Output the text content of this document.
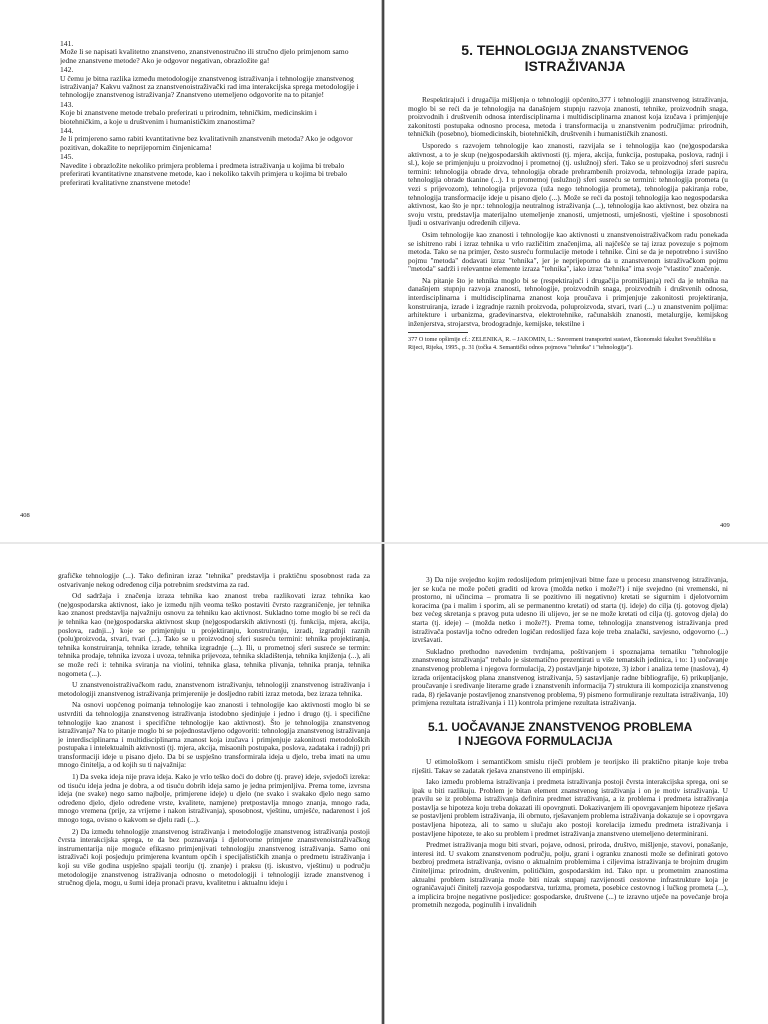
141.Može li se napisati kvalitetno znanstveno, znanstvenostručno ili stručno djelo primjenom samo jedne znanstvene metode? Ako je odgovor negativan, obrazložite ga!
142.U čemu je bitna razlika između metodologije znanstvenog istraživanja i tehnologije znanstvenog istraživanja? Kakvu važnost za znanstvenoistraživački rad ima interakcijska sprega metodologije i tehnologije znanstvenog istraživanja? Znanstveno utemeljeno odgovorite na to pitanje!
143.Koje bi znanstvene metode trebalo preferirati u prirodnim, tehničkim, medicinskim i biotehničkim, a koje u društvenim i humanističkim znanostima?
144.Je li primjereno samo rabiti kvantitativne bez kvalitativnih znanstvenih metoda? Ako je odgovor pozitivan, dokažite to neprijepornim činjenicama!
145.Navedite i obrazložite nekoliko primjera problema i predmeta istraživanja u kojima bi trebalo preferirati kvantitativne znanstvene metode, kao i nekoliko takvih primjera u kojima bi trebalo preferirati kvalitativne znanstvene metode!
408
5. TEHNOLOGIJA ZNANSTVENOG
ISTRAŽIVANJA

Respektirajući i drugačija mišljenja o tehnologiji općenito,377 i tehnologiji znanstvenog istraživanja, moglo bi se reći da je tehnologija na današnjem stupnju razvoja znanosti, tehnike, proizvodnih snaga, proizvodnih i društvenih odnosa interdisciplinarna i multidisciplinarna znanost koja izučava i primjenjuje zakonitosti postupaka odnosno procesa, metoda i transformacija u znanstvenim područjima: prirodnih, tehničkih (posebno), biomedicinskih, biotehničkih, društvenih i humanističkih znanosti.

Usporedo s razvojem tehnologije kao znanosti, razvijala se i tehnologija kao (ne)gospodarska aktivnost, a to je skup (ne)gospodarskih aktivnosti (tj. mjera, akcija, funkcija, postupaka, poslova, radnji i sl.), koje se primjenjuju u proizvodnoj i prometnoj (tj. uslužnoj) sferi. Tako se u proizvodnoj sferi susreću termini: tehnologija obrade drva, tehnologija obrade prehrambenih proizvoda, tehnologija izrade papira, tehnologija obrade tkanine (...). I u prometnoj (uslužnoj) sferi susreću se termini: tehnologija prometa (u vezi s prijevozom), tehnologija prijevoza (uža nego tehnologija prometa), tehnologija pakiranja robe, tehnologija transformacije ideje u pisano djelo (...). Može se reći da postoji tehnologija kao negospodarska aktivnost, kao što je npr.: tehnologija neutralnog istraživanja (...), tehnologija kao aktivnost, bez obzira na svoju vrstu, predstavlja materijalno utemeljenje znanosti, umjetnosti, umješnosti, vještine i sposobnosti ljudi u ostvarivanju određenih ciljeva.

Osim tehnologije kao znanosti i tehnologije kao aktivnosti u znanstvenoistraživačkom radu ponekada se ishitreno rabi i izraz tehnika u vrlo različitim značenjima, ali najčešće se taj izraz povezuje s pojmom metoda. Tako se na primjer, često susreću formulacije metode i tehnike. Čini se da je nepotrebno i suvišno pojmu "metoda" dodavati izraz "tehnika", jer je neprijeporno da u znanstvenom istraživačkom pojmu "metoda" sadrži i relevantne elemente izraza "tehnika", iako izraz "tehnika" ima svoje "vlastito" značenje.

Na pitanje što je tehnika moglo bi se (respektirajući i drugačija promišljanja) reći da je tehnika na današnjem stupnju razvoja znanosti, tehnologije, proizvodnih snaga, proizvodnih i društvenih odnosa, interdisciplinarna i multidisciplinarna znanost koja proučava i primjenjuje zakonitosti projektiranja, konstruiranja, izrade i izgradnje raznih proizvoda, poluproizvoda, stvari, tvari (...) u znanstvenim poljima: arhitekture i urbanizma, građevinarstva, elektrotehnike, računalskih znanosti, metalurgije, kemijskog inženjerstva, strojarstva, brodogradnje, kemijske, tekstilne i

377 O tome opširnije cf.: ZELENIKA, R. – JAKOMIN, L.: Suvremeni transportni sustavi, Ekonomski fakultet Sveučilišta u Rijeci, Rijeka, 1995., p. 31 (točka 4. Semantički odnos pojmova "tehnika" i "tehnologija").

409

grafičke tehnologije (...). Tako definiran izraz "tehnika" predstavlja i praktičnu sposobnost rada za ostvarivanje nekog određenog cilja potrebnim sredstvima za rad.

Od sadržaja i značenja izraza tehnika kao znanost treba razlikovati izraz tehnika kao (ne)gospodarska aktivnost, iako je između njih veoma teško postaviti čvrsto razgraničenje, jer tehnika kao znanost predstavlja najvažniju osnovu za tehniku kao aktivnost. Sukladno tome moglo bi se reći da je tehnika kao (ne)gospodarska aktivnost skup (ne)gospodarskih aktivnosti (tj. funkcija, mjera, akcija, poslova, radnji...) koje se primjenjuju u projektiranju, konstruiranju, izradi, izgradnji raznih (polu)proizvoda, stvari, tvari (...). Tako se u proizvodnoj sferi susreću termini: tehnika projektiranja, tehnika konstruiranja, tehnika izrade, tehnika izgradnje (...). Ili, u prometnoj sferi susreće se termin: tehnika prodaje, tehnika izvoza i uvoza, tehnika prijevoza, tehnika skladištenja, tehnika knjiženja (...), ali se može reći i: tehnika sviranja na violini, tehnika glasa, tehnika plivanja, tehnika pranja, tehnika nogometa (...).

U znanstvenoistraživačkom radu, znanstvenom istraživanju, tehnologiji znanstvenog istraživanja i metodologiji znanstvenog istraživanja primjerenije je dosljedno rabiti izraz metoda, bez izraza tehnika.

Na osnovi uopćenog poimanja tehnologije kao znanosti i tehnologije kao aktivnosti moglo bi se ustvrditi da tehnologija znanstvenog istraživanja istodobno sjedinjuje i jedno i drugo (tj. i specifične tehnologije kao znanost i specifične tehnologije kao aktivnost). Što je tehnologija znanstvenog istraživanja? Na to pitanje moglo bi se pojednostavljeno odgovoriti: tehnologija znanstvenog istraživanja je interdisciplinarna i multidisciplinarna znanost koja izučava i primjenjuje zakonitosti metodoloških postupaka i intelektualnih aktivnosti (tj. mjera, akcija, misaonih postupaka, poslova, zadataka i radnji) pri transformaciji ideje u pisano djelo. Da bi se uspješno transformirala ideja u djelo, treba imati na umu mnogo činitelja, a od kojih su ti najvažnija:

1) Da sveka ideja nije prava ideja. Kako je vrlo teško doći do dobre (tj. prave) ideje, svjedoči izreka: od tisuću ideja jedna je dobra, a od tisuću dobrih ideja samo je jedna primjenljiva. Prema tome, izvrsna ideja (ne svake) nego samo najbolje, primjerene ideje) u djelo (ne svako i svakako djelo nego samo određeno djelo, djelo određene vrste, kvalitete, namjene) pretpostavlja mnogo znanja, mnogo rada, mnogo vremena (prije, za vrijeme i nakon istraživanja), sposobnost, vještinu, umješće, nadarenost i još mnogo toga, ovisno o kakvom se djelu radi (...).

2) Da između tehnologije znanstvenog istraživanja i metodologije znanstvenog istraživanja postoji čvrsta interakcijska sprega, te da bez poznavanja i djelotvorne primjene znanstvenoistraživačkog instrumentarija nije moguće efikasno primjenjivati tehnologiju znanstvenog istraživanja. Samo oni istraživači koji posjeduju primjerena kvantum općih i specijalističkih znanja o predmetu istraživanja i koji su više godina uspješno spajali teoriju (tj. znanje) i praksu (tj. iskustvo, vještinu) u području metodologije znanstvenog istraživanja odnosno o metodologiji i tehnologiji izrade znanstvenog i stručnog djela, mogu, u šumi ideja pronaći pravu, kvalitetnu i aktualnu ideju i

3) Da nije svejedno kojim redoslijedom primjenjivati bitne faze u procesu znanstvenog istraživanja, jer se kuća ne može početi graditi od krova (možda netko i može?!) i nije svejedno (ni vremenski, ni prostorno, ni učincima – promatra li se pozitivno ili negativno) kretati se sigurnim i djelotvornim koracima (pa i malim i sporim, ali se permanentno kretati) od starta (tj. ideje) do cilja (tj. gotovog djela) bez većeg skretanja s pravog puta udesno ili ulijevo, jer se ne može kretati od cilja (tj. gotovog djela) do starta (tj. ideje) – (možda netko i može?!). Prema tome, tehnologija znanstvenog istraživanja pred istraživača postavlja točno određen logičan redoslijed faza koje treba znalački, savjesno, odgovorno (...) izvršavati.

Sukladno prethodno navedenim tvrdnjama, poštivanjem i spoznajama tematiku "tehnologije znanstvenog istraživanja" trebalo je sistematično prezentirati u više tematskih jedinica, i to: 1) uočavanje znanstvenog problema i njegova formulacija, 2) postavljanje hipoteze, 3) izbor i analiza teme (naslova), 4) izrada orijentacijskog plana znanstvenog istraživanja, 5) sastavljanje radne bibliografije, 6) prikupljanje, proučavanje i sređivanje literarne građe i znanstvenih informacija 7) struktura ili kompozicija znanstvenog rada, 8) rješavanje postavljenog znanstvenog problema, 9) pismeno formuliranje rezultata istraživanja, 10) primjena rezultata istraživanja i 11) kontrola primjene rezultata istraživanja.

5.1. UOČAVANJE ZNANSTVENOG PROBLEMA
I NJEGOVA FORMULACIJA

U etimološkom i semantičkom smislu riječi problem je teorijsko ili praktično pitanje koje treba riješiti. Takav se zadatak rješava znanstveno ili empirijski.

Iako između problema istraživanja i predmeta istraživanja postoji čvrsta interakcijska sprega, oni se ipak u biti razlikuju. Problem je bitan element znanstvenog istraživanja i on je motiv istraživanja. U pravilu se iz problema istraživanja definira predmet istraživanja, a iz problema i predmeta istraživanja postavlja se hipoteza koju treba dokazati ili opovrgnuti. Dokazivanjem ili opovrgavanjem hipoteze rješava se postavljeni problem istraživanja, ili obrnuto, rješavanjem problema istraživanja dokazuje se i opovrgava postavljena hipoteza, ali to samo u slučaju ako postoji korelacija između predmeta istraživanja i postavljene hipoteze, te ako su problem i predmet istraživanja znanstveno utemeljeno determinirani.

Predmet istraživanja mogu biti stvari, pojave, odnosi, priroda, društvo, mišljenje, stavovi, ponašanje, interesi itd. U svakom znanstvenom području, polju, grani i ogranku znanosti može se definirati gotovo bezbroj predmeta istraživanja, ovisno o aktualnim problemima i ciljevima istraživanja te brojnim drugim činiteljima: prirodnim, društvenim, političkim, gospodarskim itd. Tako npr. u prometnim znanostima aktualni problem istraživanja može biti nizak stupanj razvijenosti cestovne infrastrukture koja je ograničavajući činitelj razvoja gospodarstva, turizma, prometa, posebice cestovnog i lučkog prometa (...), a implicira brojne negativne posljedice: gospodarske, društvene (...) te izravno utječe na povećanje broja prometnih nezgoda, poginulih i invalidnih
